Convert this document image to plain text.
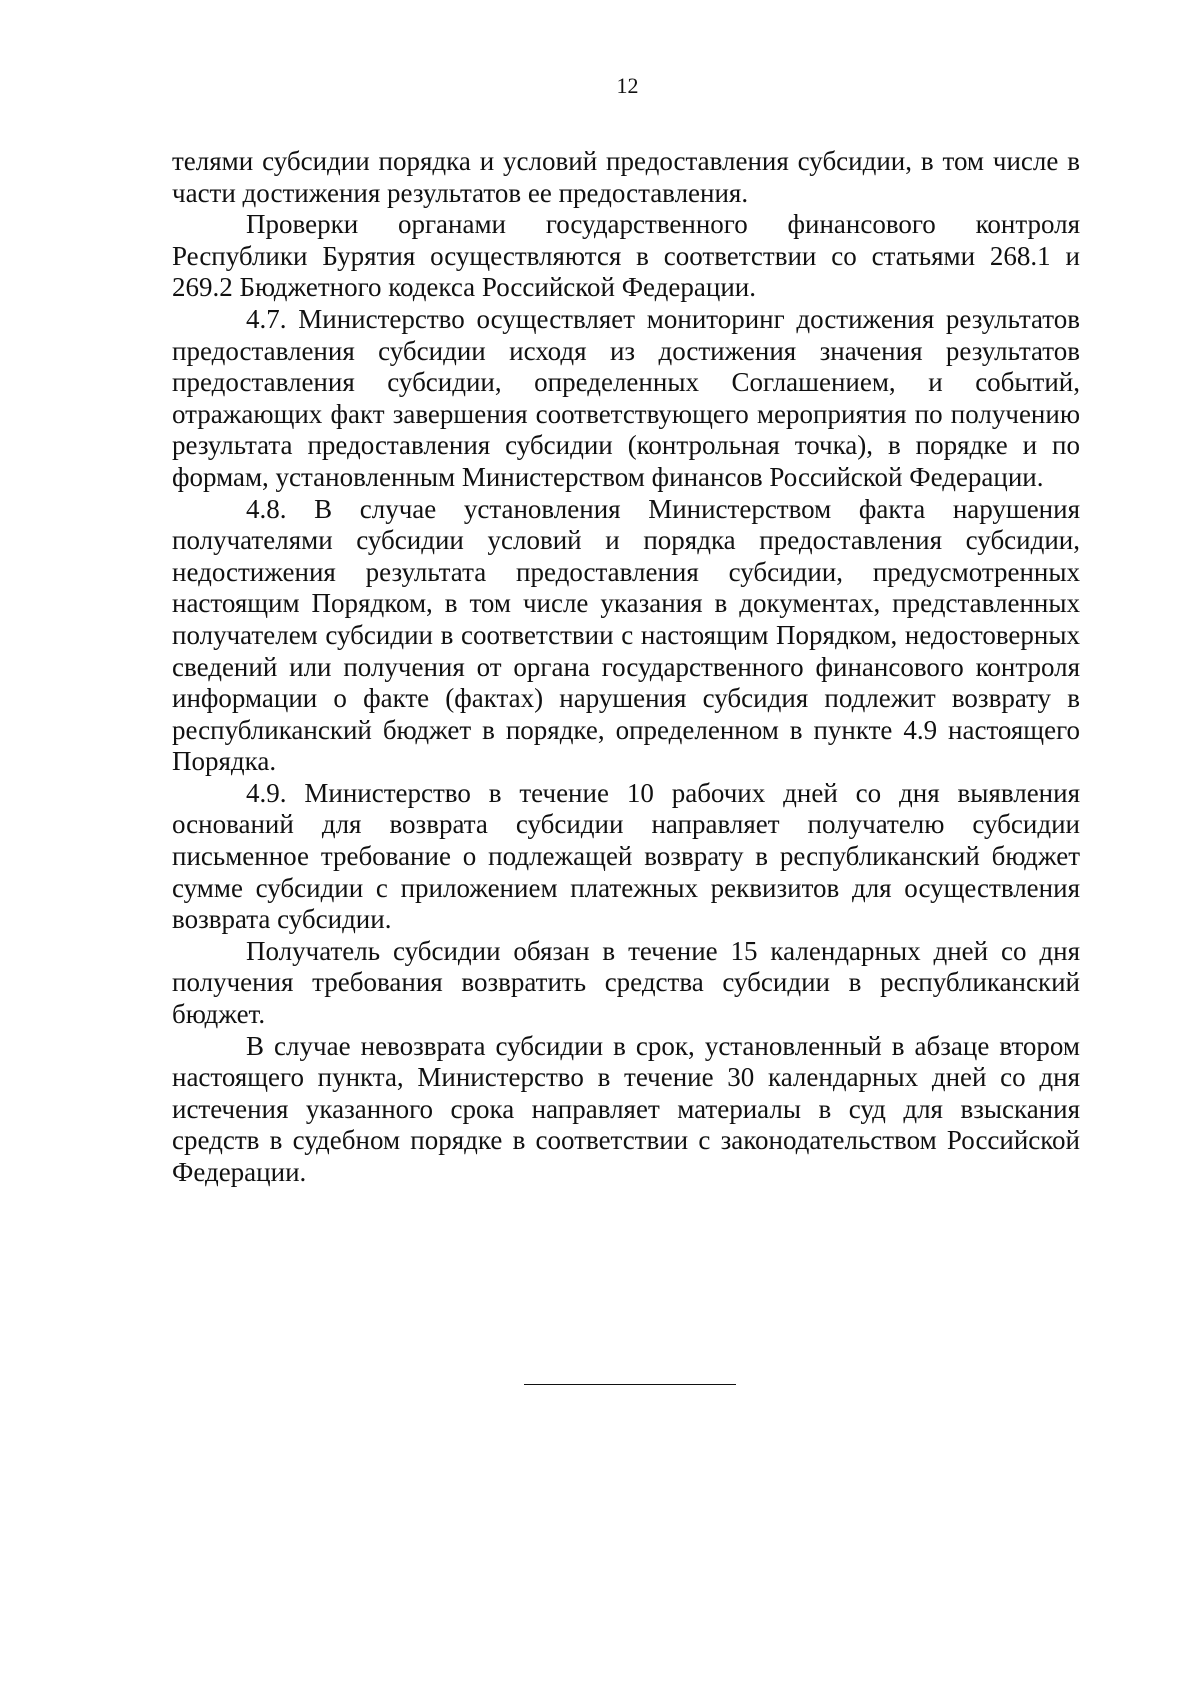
12

телями субсидии порядка и условий предоставления субсидии, в том числе в части достижения результатов ее предоставления.

Проверки органами государственного финансового контроля Республики Бурятия осуществляются в соответствии со статьями 268.1 и 269.2 Бюджетного кодекса Российской Федерации.

4.7. Министерство осуществляет мониторинг достижения результатов предоставления субсидии исходя из достижения значения результатов предоставления субсидии, определенных Соглашением, и событий, отражающих факт завершения соответствующего мероприятия по получению результата предоставления субсидии (контрольная точка), в порядке и по формам, установленным Министерством финансов Российской Федерации.

4.8. В случае установления Министерством факта нарушения получателями субсидии условий и порядка предоставления субсидии, недостижения результата предоставления субсидии, предусмотренных настоящим Порядком, в том числе указания в документах, представленных получателем субсидии в соответствии с настоящим Порядком, недостоверных сведений или получения от органа государственного финансового контроля информации о факте (фактах) нарушения субсидия подлежит возврату в республиканский бюджет в порядке, определенном в пункте 4.9 настоящего Порядка.

4.9. Министерство в течение 10 рабочих дней со дня выявления оснований для возврата субсидии направляет получателю субсидии письменное требование о подлежащей возврату в республиканский бюджет сумме субсидии с приложением платежных реквизитов для осуществления возврата субсидии.

Получатель субсидии обязан в течение 15 календарных дней со дня получения требования возвратить средства субсидии в республиканский бюджет.

В случае невозврата субсидии в срок, установленный в абзаце втором настоящего пункта, Министерство в течение 30 календарных дней со дня истечения указанного срока направляет материалы в суд для взыскания средств в судебном порядке в соответствии с законодательством Российской Федерации.
